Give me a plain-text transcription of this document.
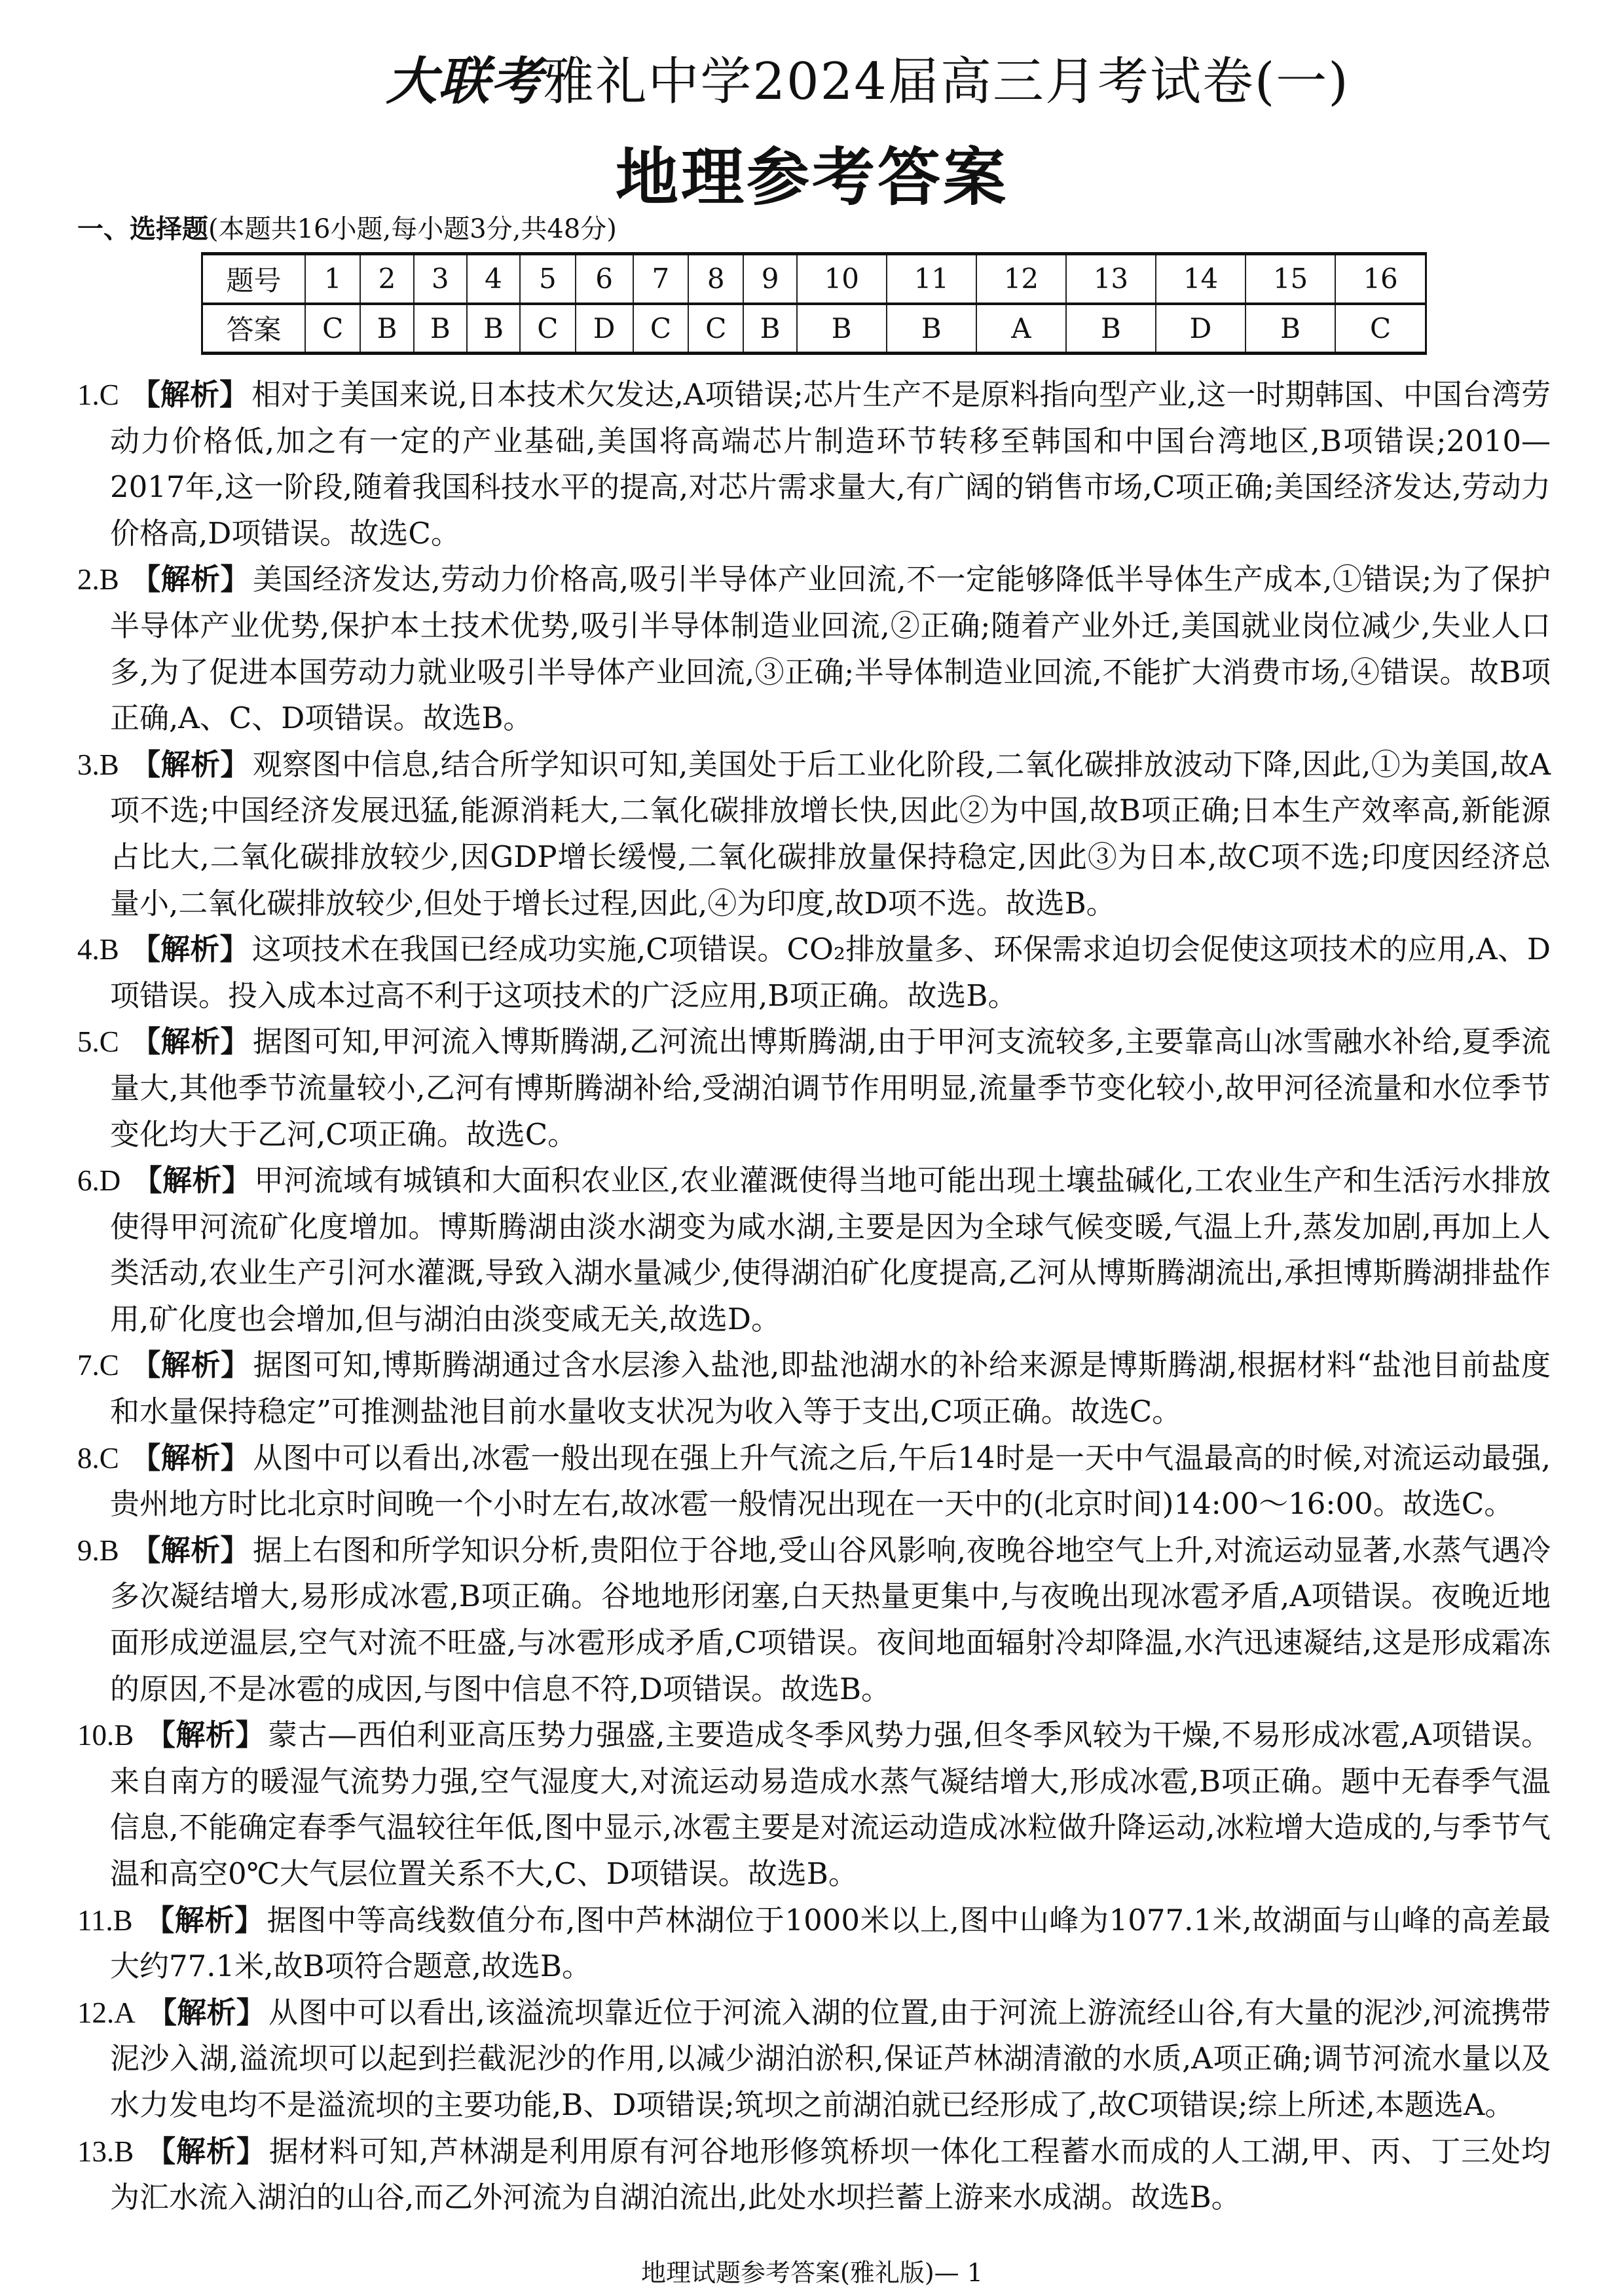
大联考雅礼中学2024届高三月考试卷(一)
地理参考答案
一、选择题(本题共16小题,每小题3分,共48分)
题号	1	2	3	4	5	6	7	8	9	10	11	12	13	14	15	16
答案	C	B	B	B	C	D	C	C	B	B	B	A	B	D	B	C

1.C 【解析】相对于美国来说,日本技术欠发达,A项错误;芯片生产不是原料指向型产业,这一时期韩国、中国台湾劳动力价格低,加之有一定的产业基础,美国将高端芯片制造环节转移至韩国和中国台湾地区,B项错误;2010—2017年,这一阶段,随着我国科技水平的提高,对芯片需求量大,有广阔的销售市场,C项正确;美国经济发达,劳动力价格高,D项错误。故选C。

2.B 【解析】美国经济发达,劳动力价格高,吸引半导体产业回流,不一定能够降低半导体生产成本,①错误;为了保护半导体产业优势,保护本土技术优势,吸引半导体制造业回流,②正确;随着产业外迁,美国就业岗位减少,失业人口多,为了促进本国劳动力就业吸引半导体产业回流,③正确;半导体制造业回流,不能扩大消费市场,④错误。故B项正确,A、C、D项错误。故选B。

3.B 【解析】观察图中信息,结合所学知识可知,美国处于后工业化阶段,二氧化碳排放波动下降,因此,①为美国,故A项不选;中国经济发展迅猛,能源消耗大,二氧化碳排放增长快,因此②为中国,故B项正确;日本生产效率高,新能源占比大,二氧化碳排放较少,因GDP增长缓慢,二氧化碳排放量保持稳定,因此③为日本,故C项不选;印度因经济总量小,二氧化碳排放较少,但处于增长过程,因此,④为印度,故D项不选。故选B。

4.B 【解析】这项技术在我国已经成功实施,C项错误。CO₂排放量多、环保需求迫切会促使这项技术的应用,A、D项错误。投入成本过高不利于这项技术的广泛应用,B项正确。故选B。

5.C 【解析】据图可知,甲河流入博斯腾湖,乙河流出博斯腾湖,由于甲河支流较多,主要靠高山冰雪融水补给,夏季流量大,其他季节流量较小,乙河有博斯腾湖补给,受湖泊调节作用明显,流量季节变化较小,故甲河径流量和水位季节变化均大于乙河,C项正确。故选C。

6.D 【解析】甲河流域有城镇和大面积农业区,农业灌溉使得当地可能出现土壤盐碱化,工农业生产和生活污水排放使得甲河流矿化度增加。博斯腾湖由淡水湖变为咸水湖,主要是因为全球气候变暖,气温上升,蒸发加剧,再加上人类活动,农业生产引河水灌溉,导致入湖水量减少,使得湖泊矿化度提高,乙河从博斯腾湖流出,承担博斯腾湖排盐作用,矿化度也会增加,但与湖泊由淡变咸无关,故选D。

7.C 【解析】据图可知,博斯腾湖通过含水层渗入盐池,即盐池湖水的补给来源是博斯腾湖,根据材料“盐池目前盐度和水量保持稳定”可推测盐池目前水量收支状况为收入等于支出,C项正确。故选C。

8.C 【解析】从图中可以看出,冰雹一般出现在强上升气流之后,午后14时是一天中气温最高的时候,对流运动最强,贵州地方时比北京时间晚一个小时左右,故冰雹一般情况出现在一天中的(北京时间)14:00～16:00。故选C。

9.B 【解析】据上右图和所学知识分析,贵阳位于谷地,受山谷风影响,夜晚谷地空气上升,对流运动显著,水蒸气遇冷多次凝结增大,易形成冰雹,B项正确。谷地地形闭塞,白天热量更集中,与夜晚出现冰雹矛盾,A项错误。夜晚近地面形成逆温层,空气对流不旺盛,与冰雹形成矛盾,C项错误。夜间地面辐射冷却降温,水汽迅速凝结,这是形成霜冻的原因,不是冰雹的成因,与图中信息不符,D项错误。故选B。

10.B 【解析】蒙古—西伯利亚高压势力强盛,主要造成冬季风势力强,但冬季风较为干燥,不易形成冰雹,A项错误。来自南方的暖湿气流势力强,空气湿度大,对流运动易造成水蒸气凝结增大,形成冰雹,B项正确。题中无春季气温信息,不能确定春季气温较往年低,图中显示,冰雹主要是对流运动造成冰粒做升降运动,冰粒增大造成的,与季节气温和高空0℃大气层位置关系不大,C、D项错误。故选B。

11.B 【解析】据图中等高线数值分布,图中芦林湖位于1000米以上,图中山峰为1077.1米,故湖面与山峰的高差最大约77.1米,故B项符合题意,故选B。

12.A 【解析】从图中可以看出,该溢流坝靠近位于河流入湖的位置,由于河流上游流经山谷,有大量的泥沙,河流携带泥沙入湖,溢流坝可以起到拦截泥沙的作用,以减少湖泊淤积,保证芦林湖清澈的水质,A项正确;调节河流水量以及水力发电均不是溢流坝的主要功能,B、D项错误;筑坝之前湖泊就已经形成了,故C项错误;综上所述,本题选A。

13.B 【解析】据材料可知,芦林湖是利用原有河谷地形修筑桥坝一体化工程蓄水而成的人工湖,甲、丙、丁三处均为汇水流入湖泊的山谷,而乙外河流为自湖泊流出,此处水坝拦蓄上游来水成湖。故选B。

地理试题参考答案(雅礼版)— 1
